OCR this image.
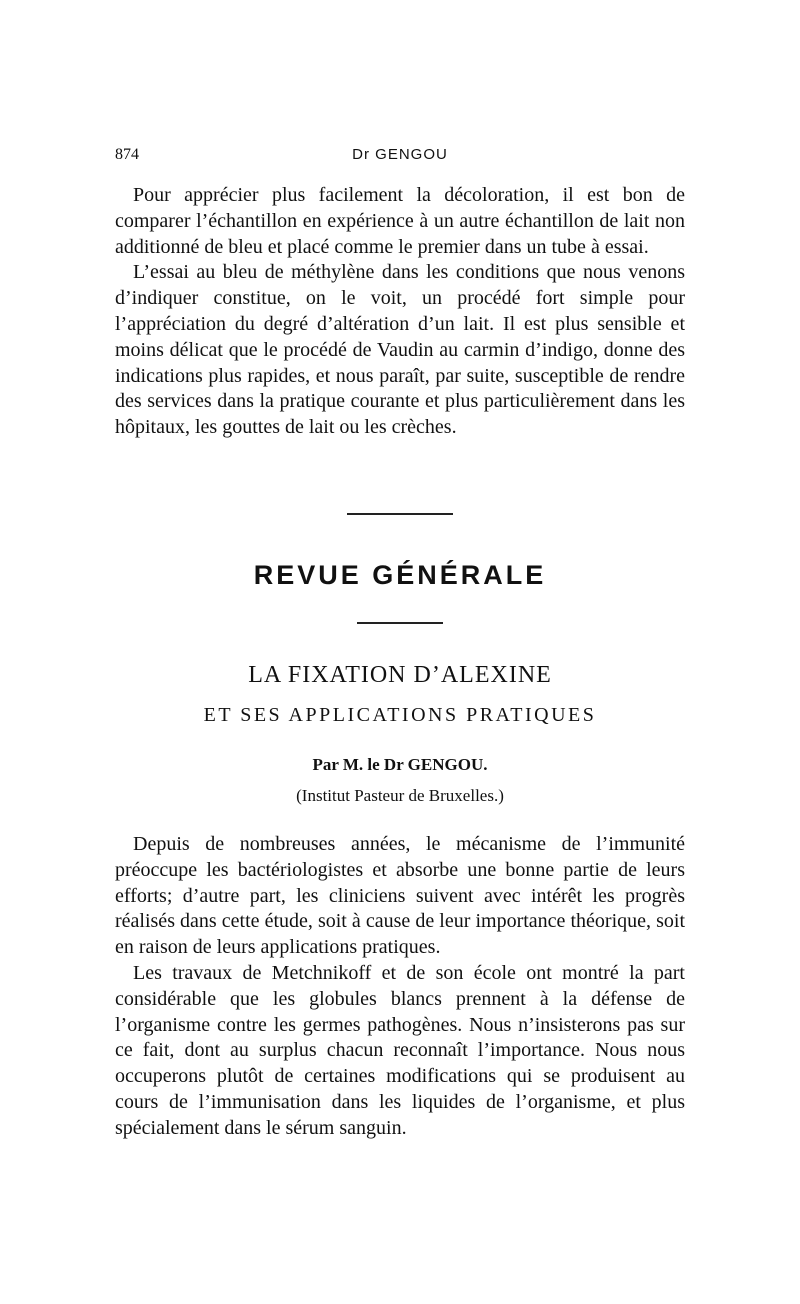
874	Dr GENGOU

Pour apprécier plus facilement la décoloration, il est bon de comparer l’échantillon en expérience à un autre échantillon de lait non additionné de bleu et placé comme le premier dans un tube à essai.

L’essai au bleu de méthylène dans les conditions que nous venons d’indiquer constitue, on le voit, un procédé fort simple pour l’appréciation du degré d’altération d’un lait. Il est plus sensible et moins délicat que le procédé de Vaudin au carmin d’indigo, donne des indications plus rapides, et nous paraît, par suite, susceptible de rendre des services dans la pratique courante et plus particulièrement dans les hôpitaux, les gouttes de lait ou les crèches.

REVUE GÉNÉRALE
LA FIXATION D’ALEXINE
ET SES APPLICATIONS PRATIQUES
Par M. le Dr GENGOU.
(Institut Pasteur de Bruxelles.)

Depuis de nombreuses années, le mécanisme de l’immunité préoccupe les bactériologistes et absorbe une bonne partie de leurs efforts; d’autre part, les cliniciens suivent avec intérêt les progrès réalisés dans cette étude, soit à cause de leur importance théorique, soit en raison de leurs applications pratiques.

Les travaux de Metchnikoff et de son école ont montré la part considérable que les globules blancs prennent à la défense de l’organisme contre les germes pathogènes. Nous n’insisterons pas sur ce fait, dont au surplus chacun reconnaît l’importance. Nous nous occuperons plutôt de certaines modifications qui se produisent au cours de l’immunisation dans les liquides de l’organisme, et plus spécialement dans le sérum sanguin.
